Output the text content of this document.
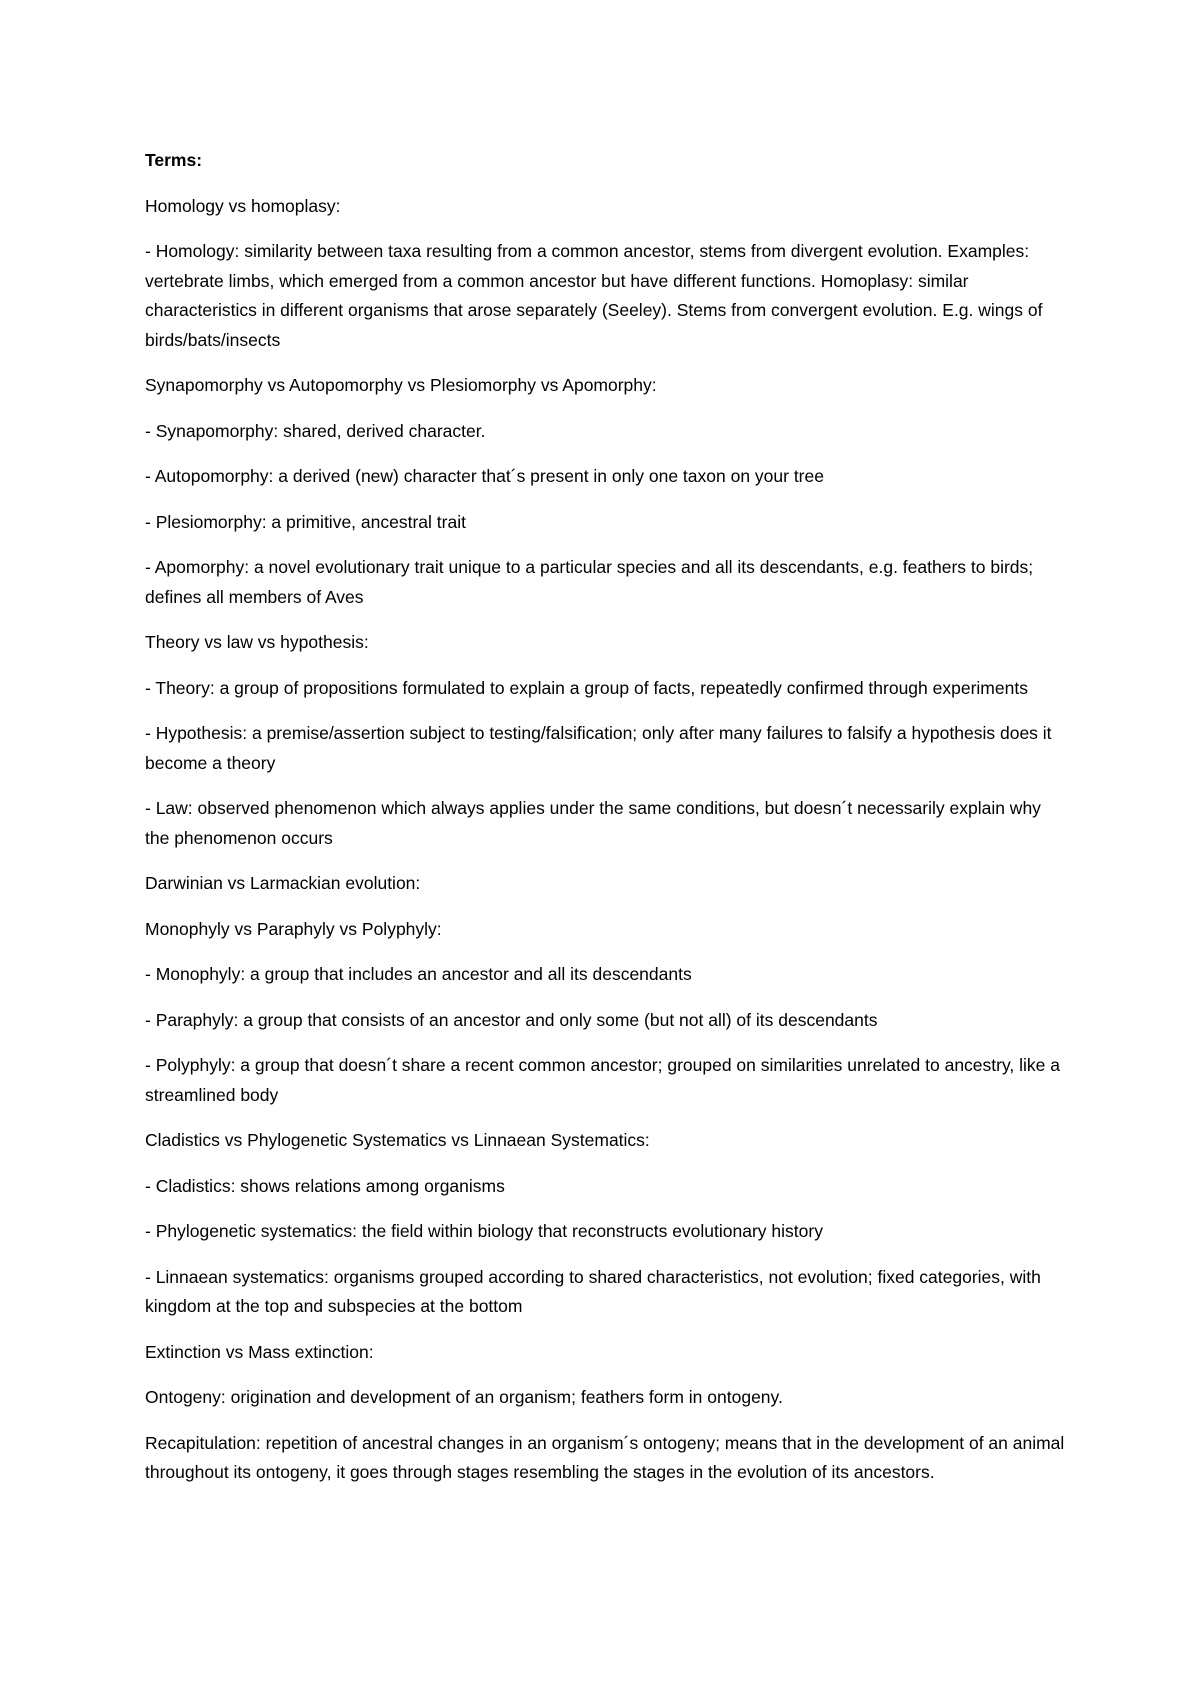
Terms:

Homology vs homoplasy:

- Homology: similarity between taxa resulting from a common ancestor, stems from divergent evolution. Examples: vertebrate limbs, which emerged from a common ancestor but have different functions. Homoplasy: similar characteristics in different organisms that arose separately (Seeley). Stems from convergent evolution. E.g. wings of birds/bats/insects

Synapomorphy vs Autopomorphy vs Plesiomorphy vs Apomorphy:

- Synapomorphy: shared, derived character.

- Autopomorphy: a derived (new) character that´s present in only one taxon on your tree

- Plesiomorphy: a primitive, ancestral trait

- Apomorphy: a novel evolutionary trait unique to a particular species and all its descendants, e.g. feathers to birds; defines all members of Aves

Theory vs law vs hypothesis:

- Theory: a group of propositions formulated to explain a group of facts, repeatedly confirmed through experiments

- Hypothesis: a premise/assertion subject to testing/falsification; only after many failures to falsify a hypothesis does it become a theory

- Law: observed phenomenon which always applies under the same conditions, but doesn´t necessarily explain why the phenomenon occurs

Darwinian vs Larmackian evolution:

Monophyly vs Paraphyly vs Polyphyly:

- Monophyly: a group that includes an ancestor and all its descendants

- Paraphyly: a group that consists of an ancestor and only some (but not all) of its descendants

- Polyphyly: a group that doesn´t share a recent common ancestor; grouped on similarities unrelated to ancestry, like a streamlined body

Cladistics vs Phylogenetic Systematics vs Linnaean Systematics:

- Cladistics: shows relations among organisms

- Phylogenetic systematics: the field within biology that reconstructs evolutionary history

- Linnaean systematics: organisms grouped according to shared characteristics, not evolution; fixed categories, with kingdom at the top and subspecies at the bottom

Extinction vs Mass extinction:

Ontogeny: origination and development of an organism; feathers form in ontogeny.

Recapitulation: repetition of ancestral changes in an organism´s ontogeny; means that in the development of an animal throughout its ontogeny, it goes through stages resembling the stages in the evolution of its ancestors.
